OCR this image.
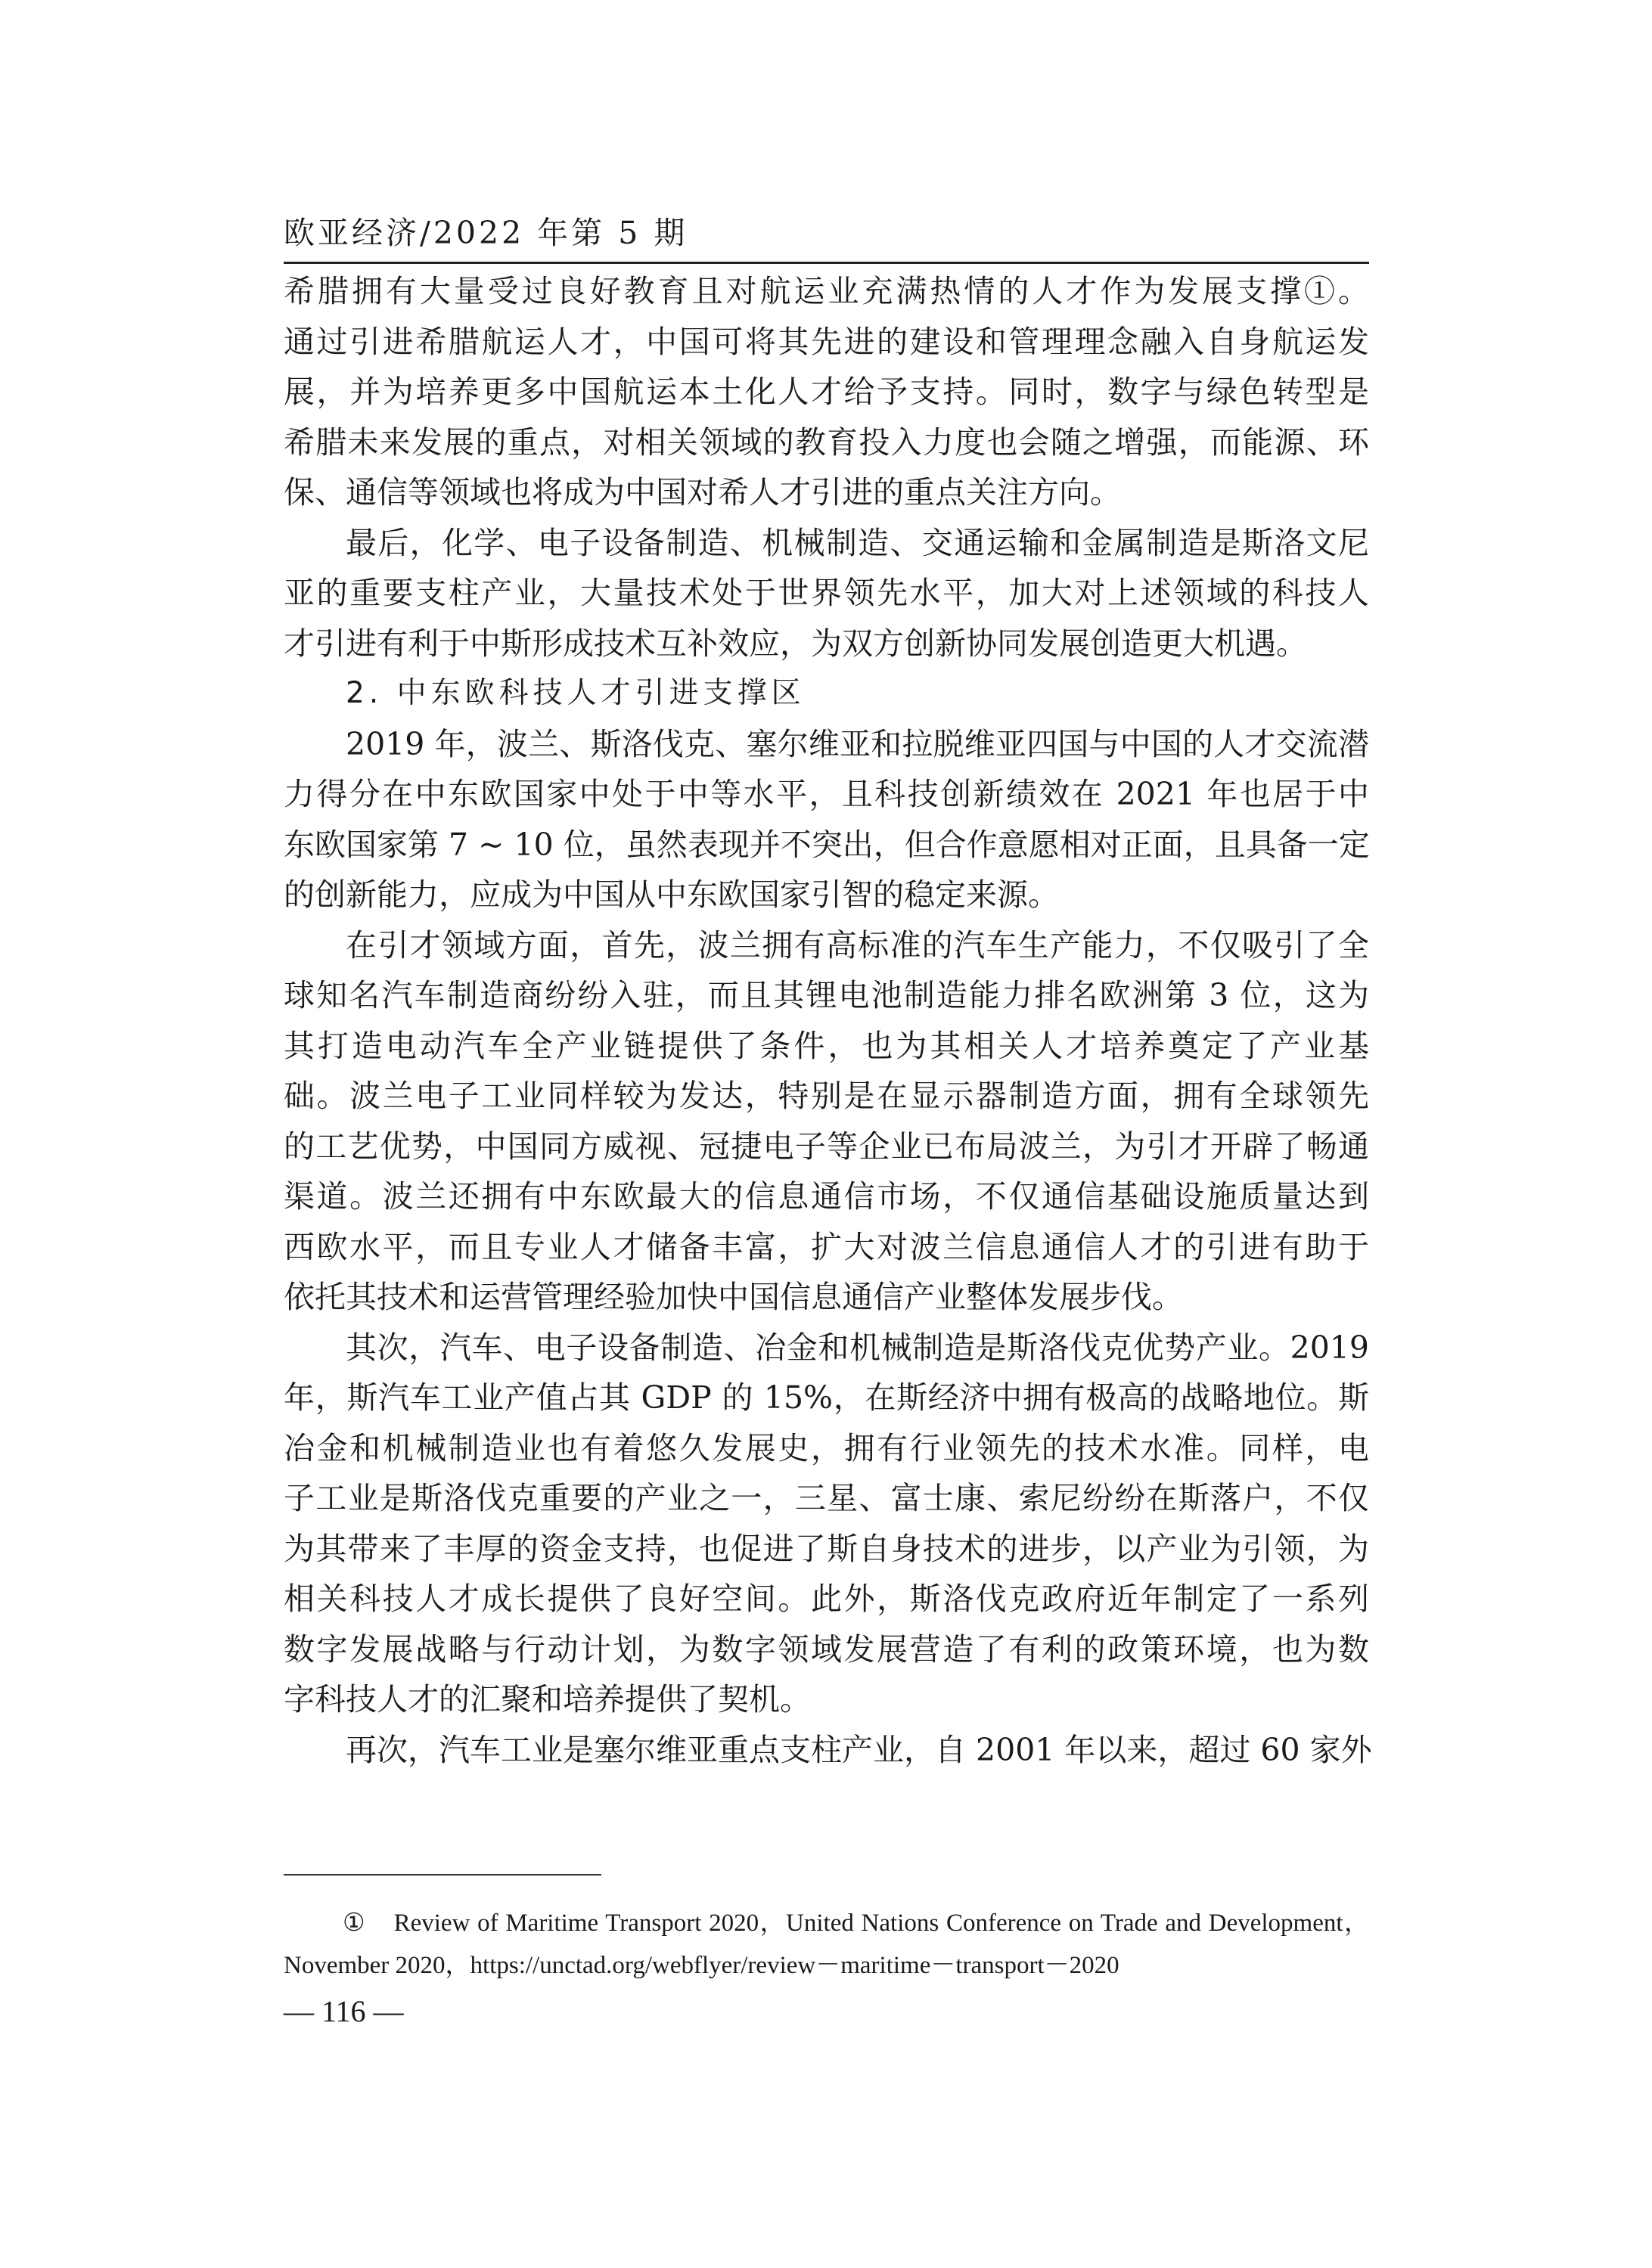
欧亚经济/2022 年第 5 期
希腊拥有大量受过良好教育且对航运业充满热情的人才作为发展支撑①。
通过引进希腊航运人才，中国可将其先进的建设和管理理念融入自身航运发
展，并为培养更多中国航运本土化人才给予支持。同时，数字与绿色转型是
希腊未来发展的重点，对相关领域的教育投入力度也会随之增强，而能源、环
保、通信等领域也将成为中国对希人才引进的重点关注方向。
最后，化学、电子设备制造、机械制造、交通运输和金属制造是斯洛文尼
亚的重要支柱产业，大量技术处于世界领先水平，加大对上述领域的科技人
才引进有利于中斯形成技术互补效应，为双方创新协同发展创造更大机遇。
2. 中东欧科技人才引进支撑区
2019 年，波兰、斯洛伐克、塞尔维亚和拉脱维亚四国与中国的人才交流潜
力得分在中东欧国家中处于中等水平，且科技创新绩效在 2021 年也居于中
东欧国家第 7 ~ 10 位，虽然表现并不突出，但合作意愿相对正面，且具备一定
的创新能力，应成为中国从中东欧国家引智的稳定来源。
在引才领域方面，首先，波兰拥有高标准的汽车生产能力，不仅吸引了全
球知名汽车制造商纷纷入驻，而且其锂电池制造能力排名欧洲第 3 位，这为
其打造电动汽车全产业链提供了条件，也为其相关人才培养奠定了产业基
础。波兰电子工业同样较为发达，特别是在显示器制造方面，拥有全球领先
的工艺优势，中国同方威视、冠捷电子等企业已布局波兰，为引才开辟了畅通
渠道。波兰还拥有中东欧最大的信息通信市场，不仅通信基础设施质量达到
西欧水平，而且专业人才储备丰富，扩大对波兰信息通信人才的引进有助于
依托其技术和运营管理经验加快中国信息通信产业整体发展步伐。
其次，汽车、电子设备制造、冶金和机械制造是斯洛伐克优势产业。2019
年，斯汽车工业产值占其 GDP 的 15%，在斯经济中拥有极高的战略地位。斯
冶金和机械制造业也有着悠久发展史，拥有行业领先的技术水准。同样，电
子工业是斯洛伐克重要的产业之一，三星、富士康、索尼纷纷在斯落户，不仅
为其带来了丰厚的资金支持，也促进了斯自身技术的进步，以产业为引领，为
相关科技人才成长提供了良好空间。此外，斯洛伐克政府近年制定了一系列
数字发展战略与行动计划，为数字领域发展营造了有利的政策环境，也为数
字科技人才的汇聚和培养提供了契机。
再次，汽车工业是塞尔维亚重点支柱产业，自 2001 年以来，超过 60 家外
① Review of Maritime Transport 2020，United Nations Conference on Trade and Development，
November 2020，https://unctad.org/webflyer/review－maritime－transport－2020
— 116 —
